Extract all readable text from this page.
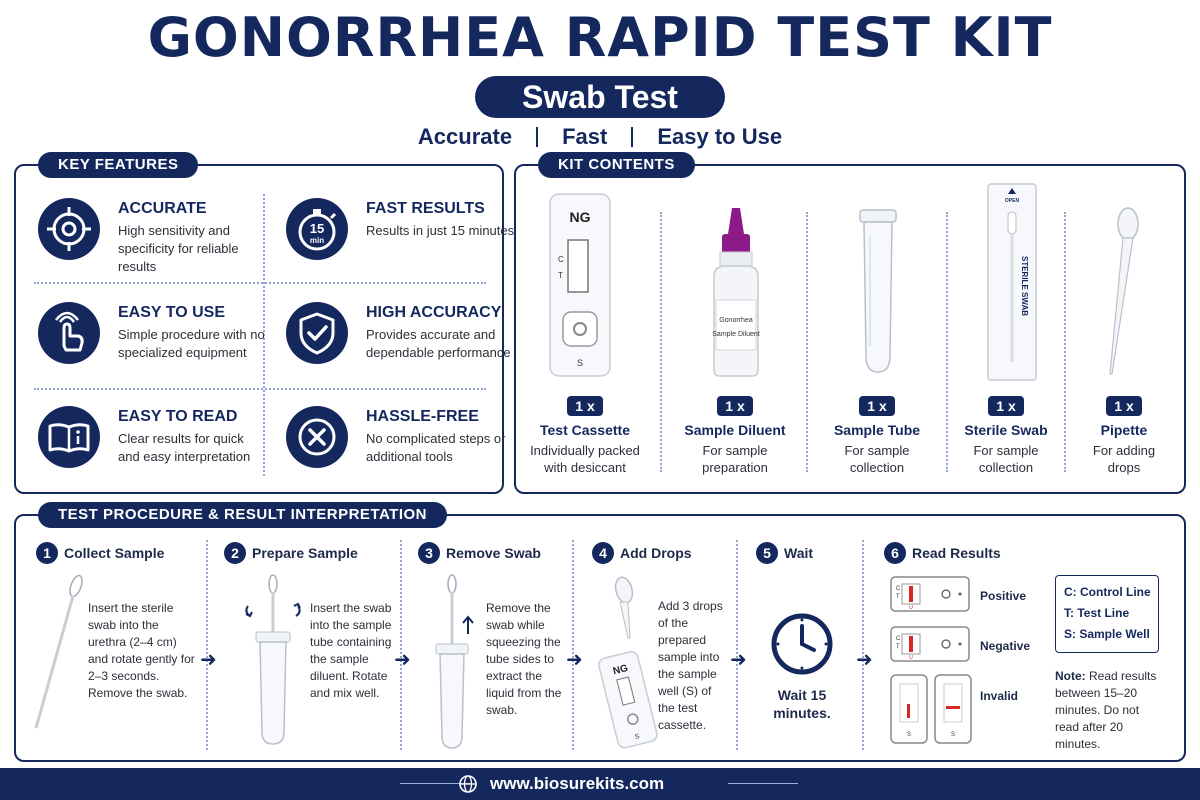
GONORRHEA RAPID TEST KIT
Swab Test
Accurate Fast Easy to Use
KEY FEATURES
ACCURATE
High sensitivity and specificity for reliable results
15
min
FAST RESULTS
Results in just 15 minutes
EASY TO USE
Simple procedure with no specialized equipment
HIGH ACCURACY
Provides accurate and dependable performance
EASY TO READ
Clear results for quick and easy interpretation
HASSLE-FREE
No complicated steps or additional tools
KIT CONTENTS
NG
C
T
S
Gonorrhea
Sample Diluent
OPEN
STERILE SWAB
1 x
Test Cassette
Individually packed with desiccant
1 x
Sample Diluent
For sample preparation
1 x
Sample Tube
For sample collection
1 x
Sterile Swab
For sample collection
1 x
Pipette
For adding drops
TEST PROCEDURE & RESULT INTERPRETATION
1 Collect Sample
Insert the sterile swab into the urethra (2–4 cm) and rotate gently for 2–3 seconds. Remove the swab.
➜
2 Prepare Sample
Insert the swab into the sample tube containing the sample diluent. Rotate and mix well.
➜
3 Remove Swab
Remove the swab while squeezing the tube sides to extract the liquid from the swab.
➜
4 Add Drops
NG
S
Add 3 drops of the prepared sample into the sample well (S) of the test cassette.
➜
5 Wait
Wait 15 minutes.
➜
6 Read Results
C
T
U
Positive
C
T
U
Negative
S	S
Invalid
C: Control Line
T: Test Line
S: Sample Well
Note: Read results between 15–20 minutes. Do not read after 20 minutes.
www.biosurekits.com
